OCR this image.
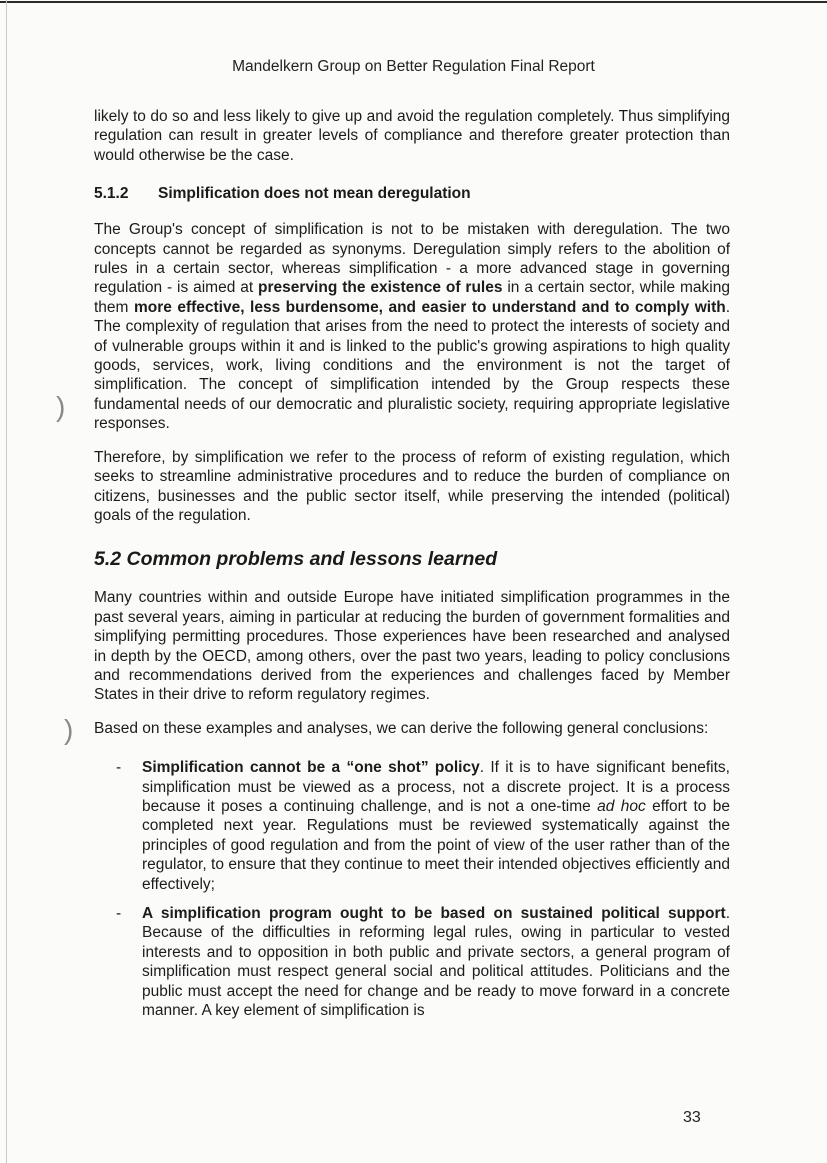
)
)
Mandelkern Group on Better Regulation Final Report

likely to do so and less likely to give up and avoid the regulation completely. Thus simplifying regulation can result in greater levels of compliance and therefore greater protection than would otherwise be the case.

5.1.2 Simplification does not mean deregulation

The Group's concept of simplification is not to be mistaken with deregulation. The two concepts cannot be regarded as synonyms. Deregulation simply refers to the abolition of rules in a certain sector, whereas simplification - a more advanced stage in governing regulation - is aimed at preserving the existence of rules in a certain sector, while making them more effective, less burdensome, and easier to understand and to comply with. The complexity of regulation that arises from the need to protect the interests of society and of vulnerable groups within it and is linked to the public's growing aspirations to high quality goods, services, work, living conditions and the environment is not the target of simplification. The concept of simplification intended by the Group respects these fundamental needs of our democratic and pluralistic society, requiring appropriate legislative responses.

Therefore, by simplification we refer to the process of reform of existing regulation, which seeks to streamline administrative procedures and to reduce the burden of compliance on citizens, businesses and the public sector itself, while preserving the intended (political) goals of the regulation.

5.2 Common problems and lessons learned

Many countries within and outside Europe have initiated simplification programmes in the past several years, aiming in particular at reducing the burden of government formalities and simplifying permitting procedures. Those experiences have been researched and analysed in depth by the OECD, among others, over the past two years, leading to policy conclusions and recommendations derived from the experiences and challenges faced by Member States in their drive to reform regulatory regimes.

Based on these examples and analyses, we can derive the following general conclusions:

- Simplification cannot be a “one shot” policy. If it is to have significant benefits, simplification must be viewed as a process, not a discrete project. It is a process because it poses a continuing challenge, and is not a one-time ad hoc effort to be completed next year. Regulations must be reviewed systematically against the principles of good regulation and from the point of view of the user rather than of the regulator, to ensure that they continue to meet their intended objectives efficiently and effectively;

- A simplification program ought to be based on sustained political support. Because of the difficulties in reforming legal rules, owing in particular to vested interests and to opposition in both public and private sectors, a general program of simplification must respect general social and political attitudes. Politicians and the public must accept the need for change and be ready to move forward in a concrete manner. A key element of simplification is

33
